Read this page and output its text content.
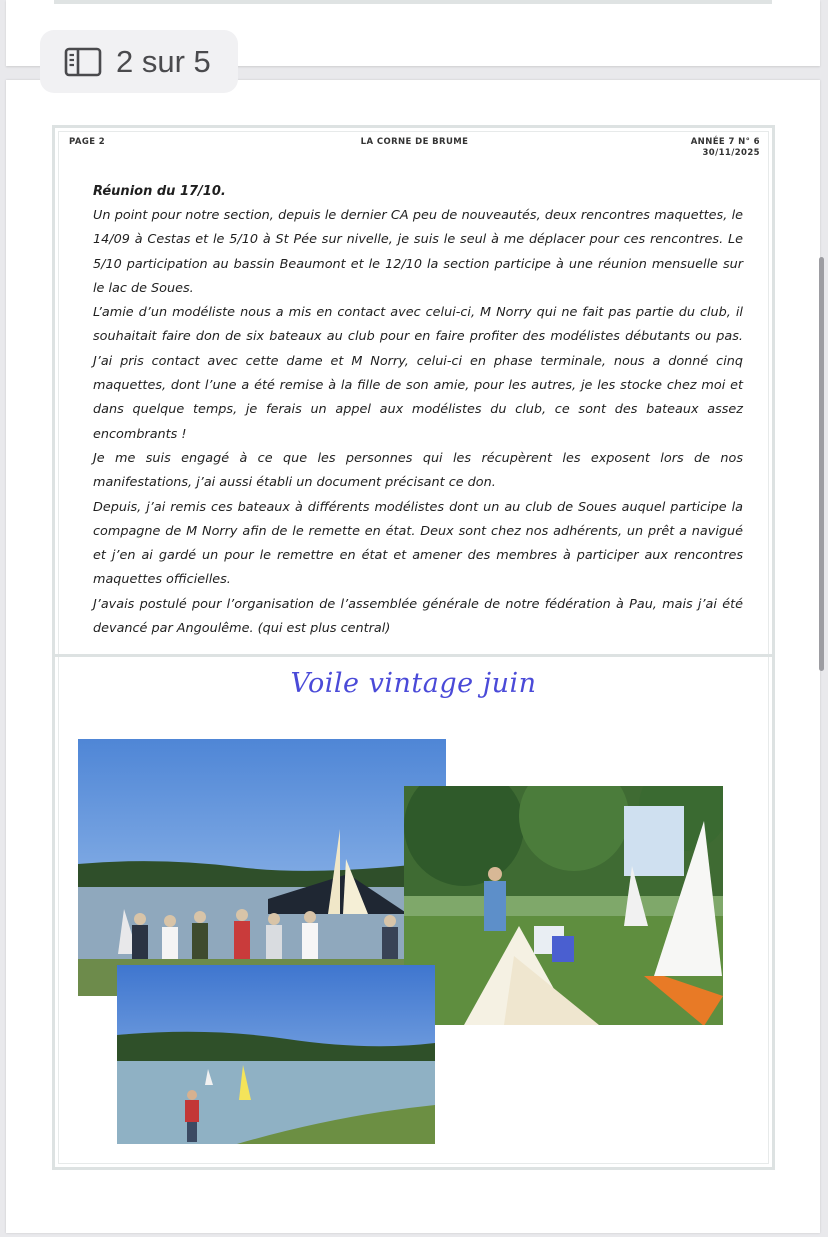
2 sur 5
PAGE 2	LA CORNE DE BRUME	ANNÉE 7 N° 6
30/11/2025
Réunion du 17/10.

Un point pour notre section, depuis le dernier CA peu de nouveautés, deux rencontres maquettes, le 14/09 à Cestas et le 5/10 à St Pée sur nivelle, je suis le seul à me déplacer pour ces rencontres. Le 5/10 participation au bassin Beaumont et le 12/10 la section participe à une réunion mensuelle sur le lac de Soues.

L’amie d’un modéliste nous a mis en contact avec celui-ci, M Norry qui ne fait pas partie du club, il souhaitait faire don de six bateaux au club pour en faire profiter des modélistes débutants ou pas. J’ai pris contact avec cette dame et M Norry, celui-ci en phase terminale, nous a donné cinq maquettes, dont l’une a été remise à la fille de son amie, pour les autres, je les stocke chez moi et dans quelque temps, je ferais un appel aux modélistes du club, ce sont des bateaux assez encombrants !

Je me suis engagé à ce que les personnes qui les récupèrent les exposent lors de nos manifestations, j’ai aussi établi un document précisant ce don.

Depuis, j’ai remis ces bateaux à différents modélistes dont un au club de Soues auquel participe la compagne de M Norry afin de le remette en état. Deux sont chez nos adhérents, un prêt a navigué et j’en ai gardé un pour le remettre en état et amener des membres à participer aux rencontres maquettes officielles.

J’avais postulé pour l’organisation de l’assemblée générale de notre fédération à Pau, mais j’ai été devancé par Angoulême. (qui est plus central)

Voile vintage juin
